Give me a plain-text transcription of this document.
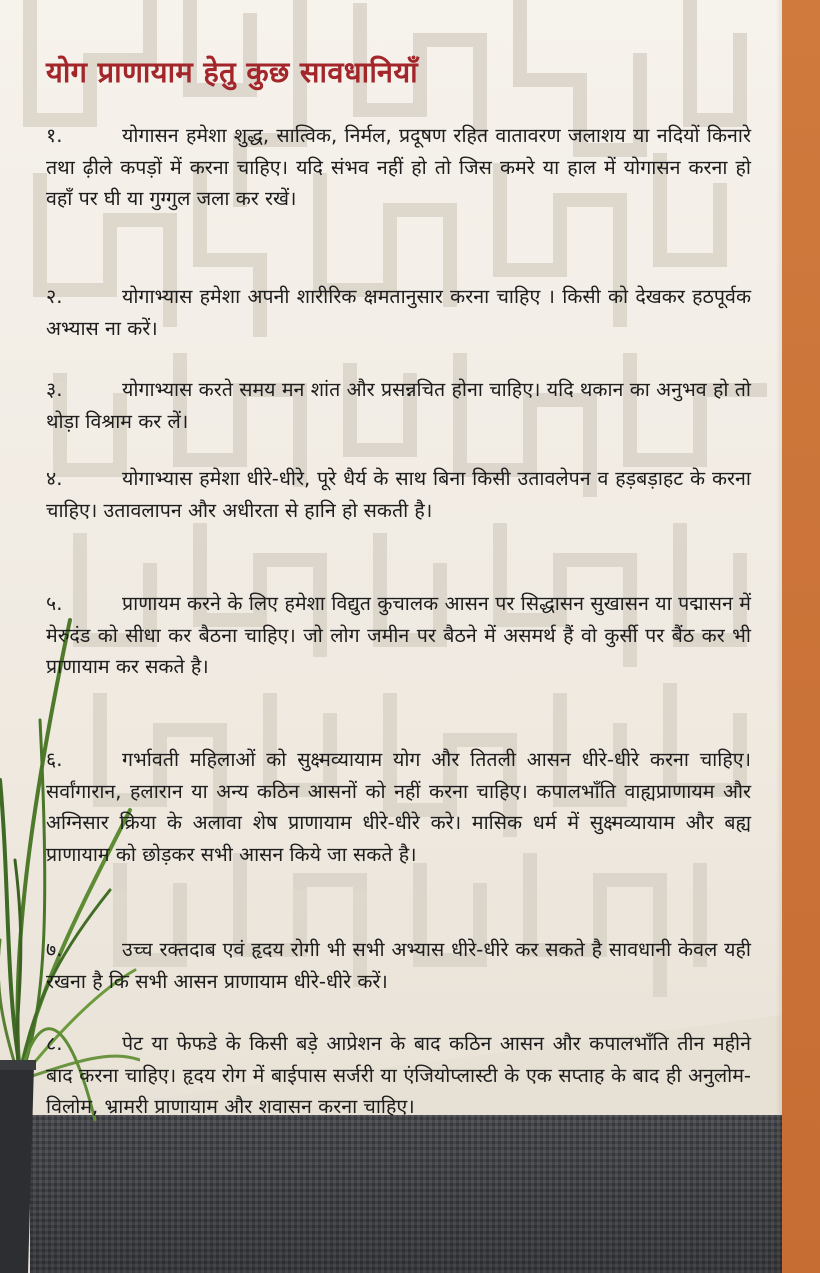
योग प्राणायाम हेतु कुछ सावधानियाँ

१.	योगासन हमेशा शुद्ध, सात्विक, निर्मल, प्रदूषण रहित वातावरण जलाशय या नदियों किनारे तथा ढ़ीले कपड़ों में करना चाहिए। यदि संभव नहीं हो तो जिस कमरे या हाल में योगासन करना हो वहाँ पर घी या गुग्गुल जला कर रखें।

२.	योगाभ्यास हमेशा अपनी शारीरिक क्षमतानुसार करना चाहिए । किसी को देखकर हठपूर्वक अभ्यास ना करें।

३.	योगाभ्यास करते समय मन शांत और प्रसन्नचित होना चाहिए। यदि थकान का अनुभव हो तो थोड़ा विश्राम कर लें।

४.	योगाभ्यास हमेशा धीरे-धीरे, पूरे धैर्य के साथ बिना किसी उतावलेपन व हड़बड़ाहट के करना चाहिए। उतावलापन और अधीरता से हानि हो सकती है।

५.	प्राणायम करने के लिए हमेशा विद्युत कुचालक आसन पर सिद्धासन सुखासन या पद्मासन में मेरुदंड को सीधा कर बैठना चाहिए। जो लोग जमीन पर बैठने में असमर्थ हैं वो कुर्सी पर बैंठ कर भी प्राणायाम कर सकते है।

६.	गर्भावती महिलाओं को सुक्ष्मव्यायाम योग और तितली आसन धीरे-धीरे करना चाहिए। सर्वांगारान, हलारान या अन्य कठिन आसनों को नहीं करना चाहिए। कपालभाँति वाह्यप्राणायम और अग्निसार क्रिया के अलावा शेष प्राणायाम धीरे-धीरे करे। मासिक धर्म में सुक्ष्मव्यायाम और बह्य प्राणायाम को छोड़कर सभी आसन किये जा सकते है।

७.	उच्च रक्तदाब एवं हृदय रोगी भी सभी अभ्यास धीरे-धीरे कर सकते है सावधानी केवल यही रखना है कि सभी आसन प्राणायाम धीरे-धीरे करें।

८.	पेट या फेफडे के किसी बड़े आप्रेशन के बाद कठिन आसन और कपालभाँति तीन महीने बाद करना चाहिए। हृदय रोग में बाईपास सर्जरी या एंजियोप्लास्टी के एक सप्ताह के बाद ही अनुलोम-विलोम, भ्रामरी प्राणायाम और शवासन करना चाहिए।
